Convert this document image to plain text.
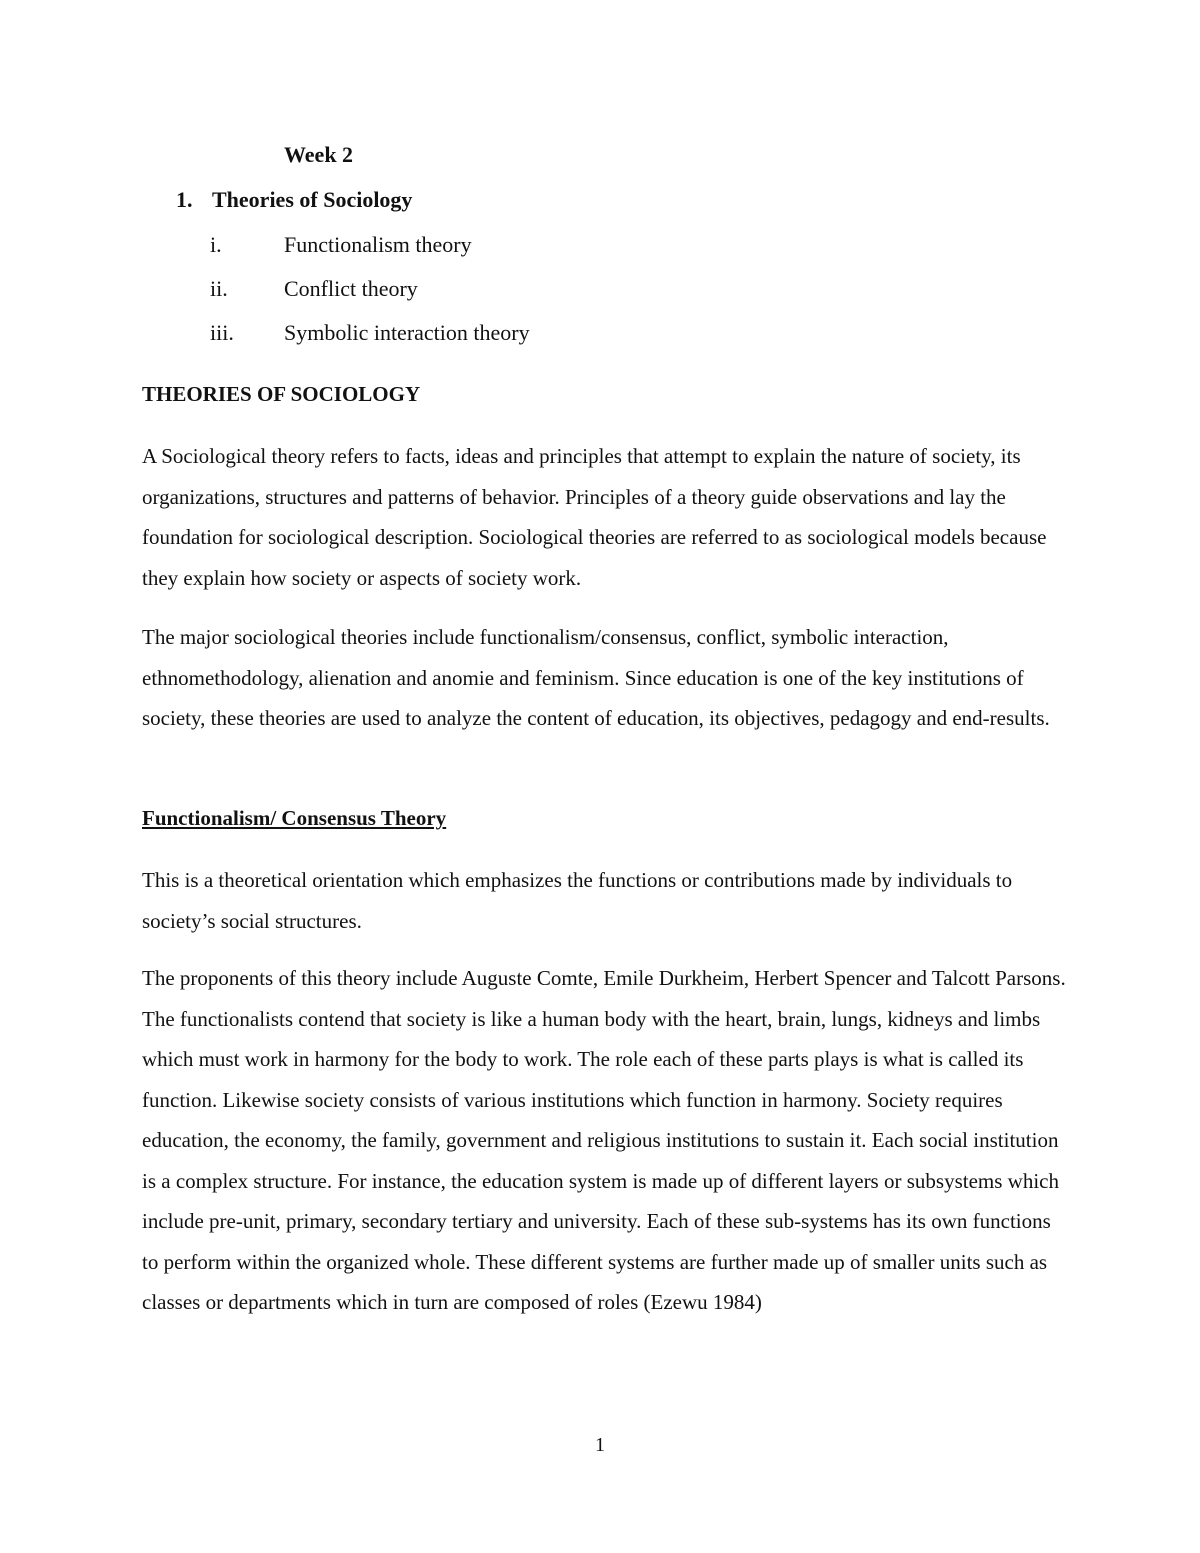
Week 2
1. Theories of Sociology
i.	Functionalism theory
ii.	Conflict theory
iii. Symbolic interaction theory
THEORIES OF SOCIOLOGY

A Sociological theory refers to facts, ideas and principles that attempt to explain the nature of society, its organizations, structures and patterns of behavior. Principles of a theory guide observations and lay the foundation for sociological description. Sociological theories are referred to as sociological models because they explain how society or aspects of society work.

The major sociological theories include functionalism/consensus, conflict, symbolic interaction, ethnomethodology, alienation and anomie and feminism. Since education is one of the key institutions of society, these theories are used to analyze the content of education, its objectives, pedagogy and end-results.

Functionalism/ Consensus Theory

This is a theoretical orientation which emphasizes the functions or contributions made by individuals to society’s social structures.

The proponents of this theory include Auguste Comte, Emile Durkheim, Herbert Spencer and Talcott Parsons. The functionalists contend that society is like a human body with the heart, brain, lungs, kidneys and limbs which must work in harmony for the body to work. The role each of these parts plays is what is called its function. Likewise society consists of various institutions which function in harmony. Society requires education, the economy, the family, government and religious institutions to sustain it. Each social institution is a complex structure. For instance, the education system is made up of different layers or subsystems which include pre-unit, primary, secondary tertiary and university. Each of these sub-systems has its own functions to perform within the organized whole. These different systems are further made up of smaller units such as classes or departments which in turn are composed of roles (Ezewu 1984)

1
